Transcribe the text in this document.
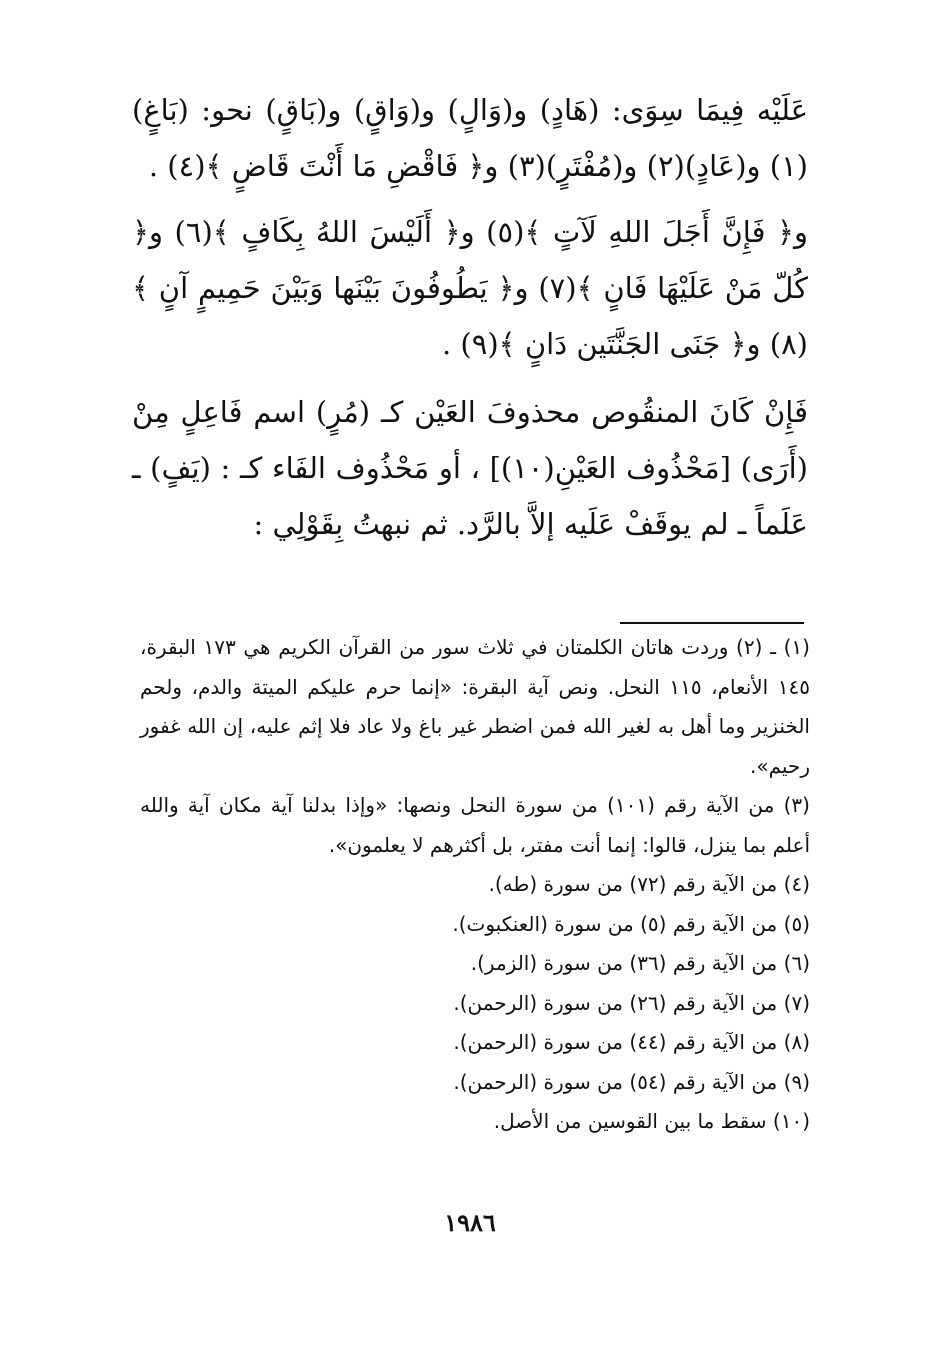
عَلَيْه فِيمَا سِوَى: (هَادٍ) و(وَالٍ) و(وَاقٍ) و(بَاقٍ) نحو: (بَاغٍ)(١) و(عَادٍ)(٢) و(مُفْتَرٍ)(٣) و﴿ فَاقْضِ مَا أَنْتَ قَاضٍ ﴾(٤) .

و﴿ فَإِنَّ أَجَلَ اللهِ لَآتٍ ﴾(٥) و﴿ أَلَيْسَ اللهُ بِكَافٍ ﴾(٦) و﴿ كُلّ مَنْ عَلَيْهَا فَانٍ ﴾(٧) و﴿ يَطُوفُونَ بَيْنَها وَبَيْنَ حَمِيمٍ آنٍ ﴾(٨) و﴿ جَنَى الجَنَّتَين دَانٍ ﴾(٩) .

فَإِنْ كَانَ المنقُوص محذوفَ العَيْن كـ (مُرٍ) اسم فَاعِلٍ مِنْ (أَرَى) [مَحْذُوف العَيْنِ(١٠)] ، أو مَحْذُوف الفَاء كـ : (يَفٍ) ـ عَلَماً ـ لم يوقَفْ عَلَيه إلاَّ بالرَّد. ثم نبهتُ بِقَوْلِي :

(١) ـ (٢) وردت هاتان الكلمتان في ثلاث سور من القرآن الكريم هي ١٧٣ البقرة، ١٤٥ الأنعام، ١١٥ النحل. ونص آية البقرة: «إنما حرم عليكم الميتة والدم، ولحم الخنزير وما أهل به لغير الله فمن اضطر غير باغ ولا عاد فلا إثم عليه، إن الله غفور رحيم».

(٣) من الآية رقم (١٠١) من سورة النحل ونصها: «وإذا بدلنا آية مكان آية والله أعلم بما ينزل، قالوا: إنما أنت مفتر، بل أكثرهم لا يعلمون».

(٤) من الآية رقم (٧٢) من سورة (طه).

(٥) من الآية رقم (٥) من سورة (العنكبوت).

(٦) من الآية رقم (٣٦) من سورة (الزمر).

(٧) من الآية رقم (٢٦) من سورة (الرحمن).

(٨) من الآية رقم (٤٤) من سورة (الرحمن).

(٩) من الآية رقم (٥٤) من سورة (الرحمن).

(١٠) سقط ما بين القوسين من الأصل.

١٩٨٦
